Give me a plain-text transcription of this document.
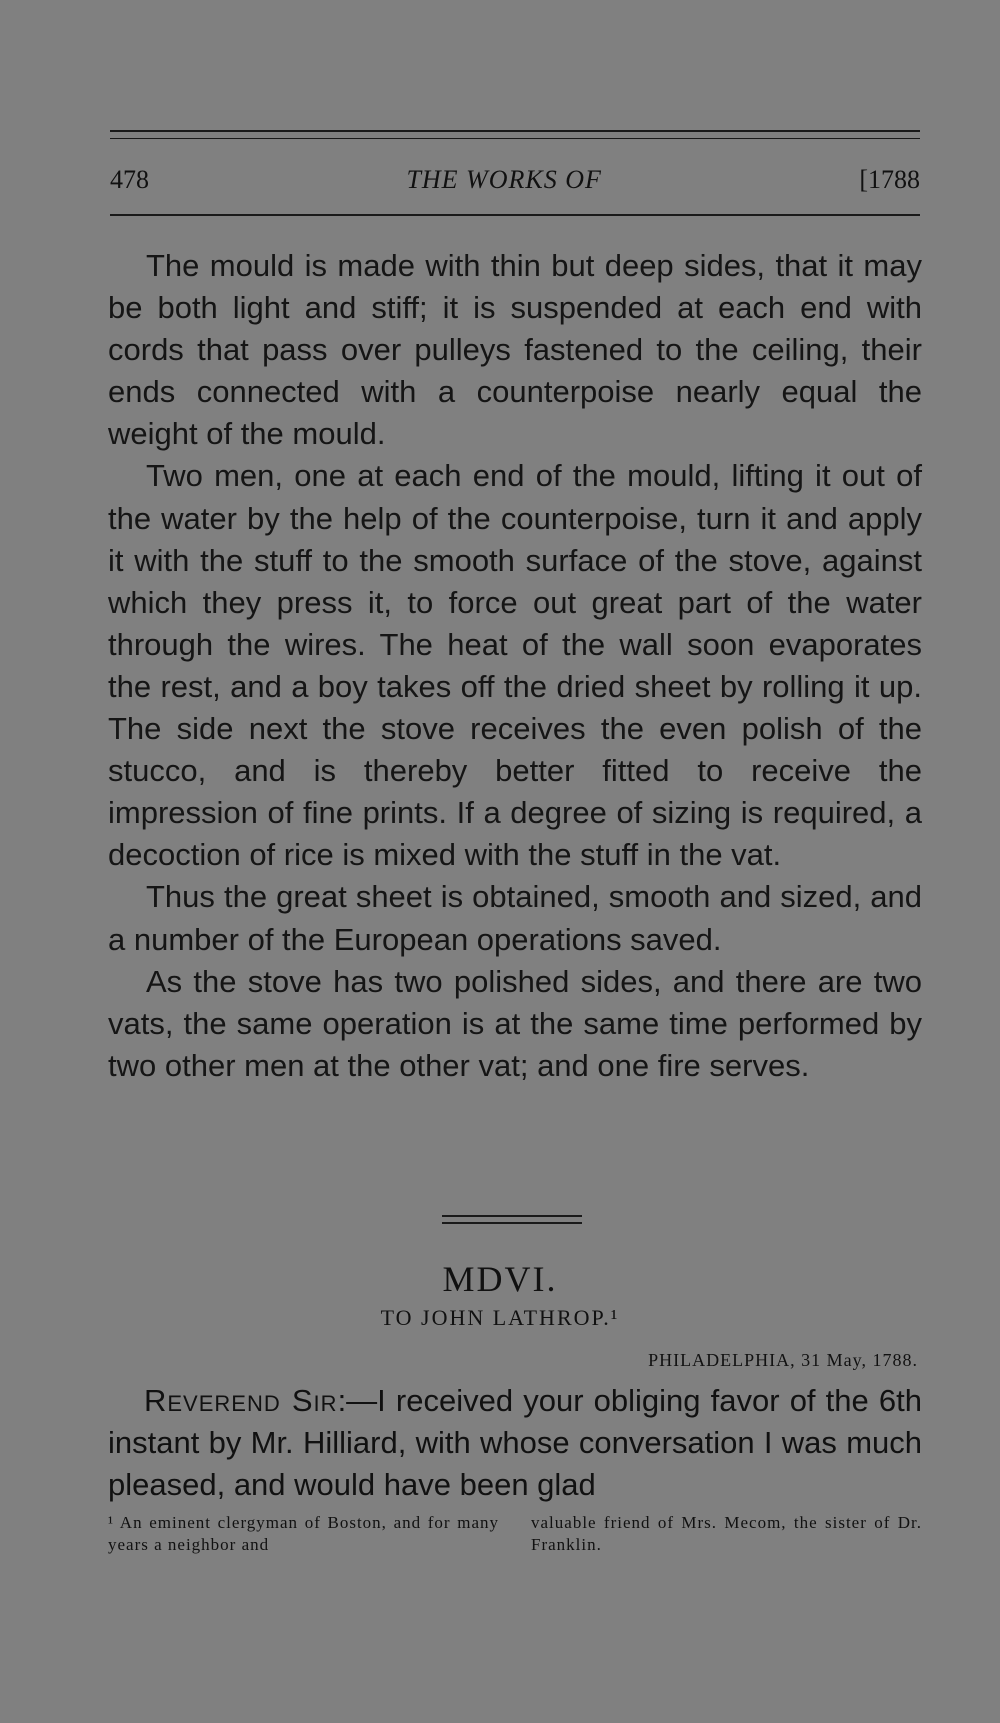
478	THE WORKS OF	[1788

The mould is made with thin but deep sides, that it may be both light and stiff; it is suspended at each end with cords that pass over pulleys fastened to the ceiling, their ends connected with a counterpoise nearly equal the weight of the mould.

Two men, one at each end of the mould, lifting it out of the water by the help of the counterpoise, turn it and apply it with the stuff to the smooth surface of the stove, against which they press it, to force out great part of the water through the wires. The heat of the wall soon evaporates the rest, and a boy takes off the dried sheet by rolling it up. The side next the stove receives the even polish of the stucco, and is thereby better fitted to receive the impression of fine prints. If a degree of sizing is required, a decoction of rice is mixed with the stuff in the vat.

Thus the great sheet is obtained, smooth and sized, and a number of the European operations saved.

As the stove has two polished sides, and there are two vats, the same operation is at the same time performed by two other men at the other vat; and one fire serves.

MDVI.
TO JOHN LATHROP.¹
PHILADELPHIA, 31 May, 1788.

Reverend Sir:—I received your obliging favor of the 6th instant by Mr. Hilliard, with whose conversation I was much pleased, and would have been glad

¹ An eminent clergyman of Boston, and for many years a neighbor and
valuable friend of Mrs. Mecom, the sister of Dr. Franklin.
